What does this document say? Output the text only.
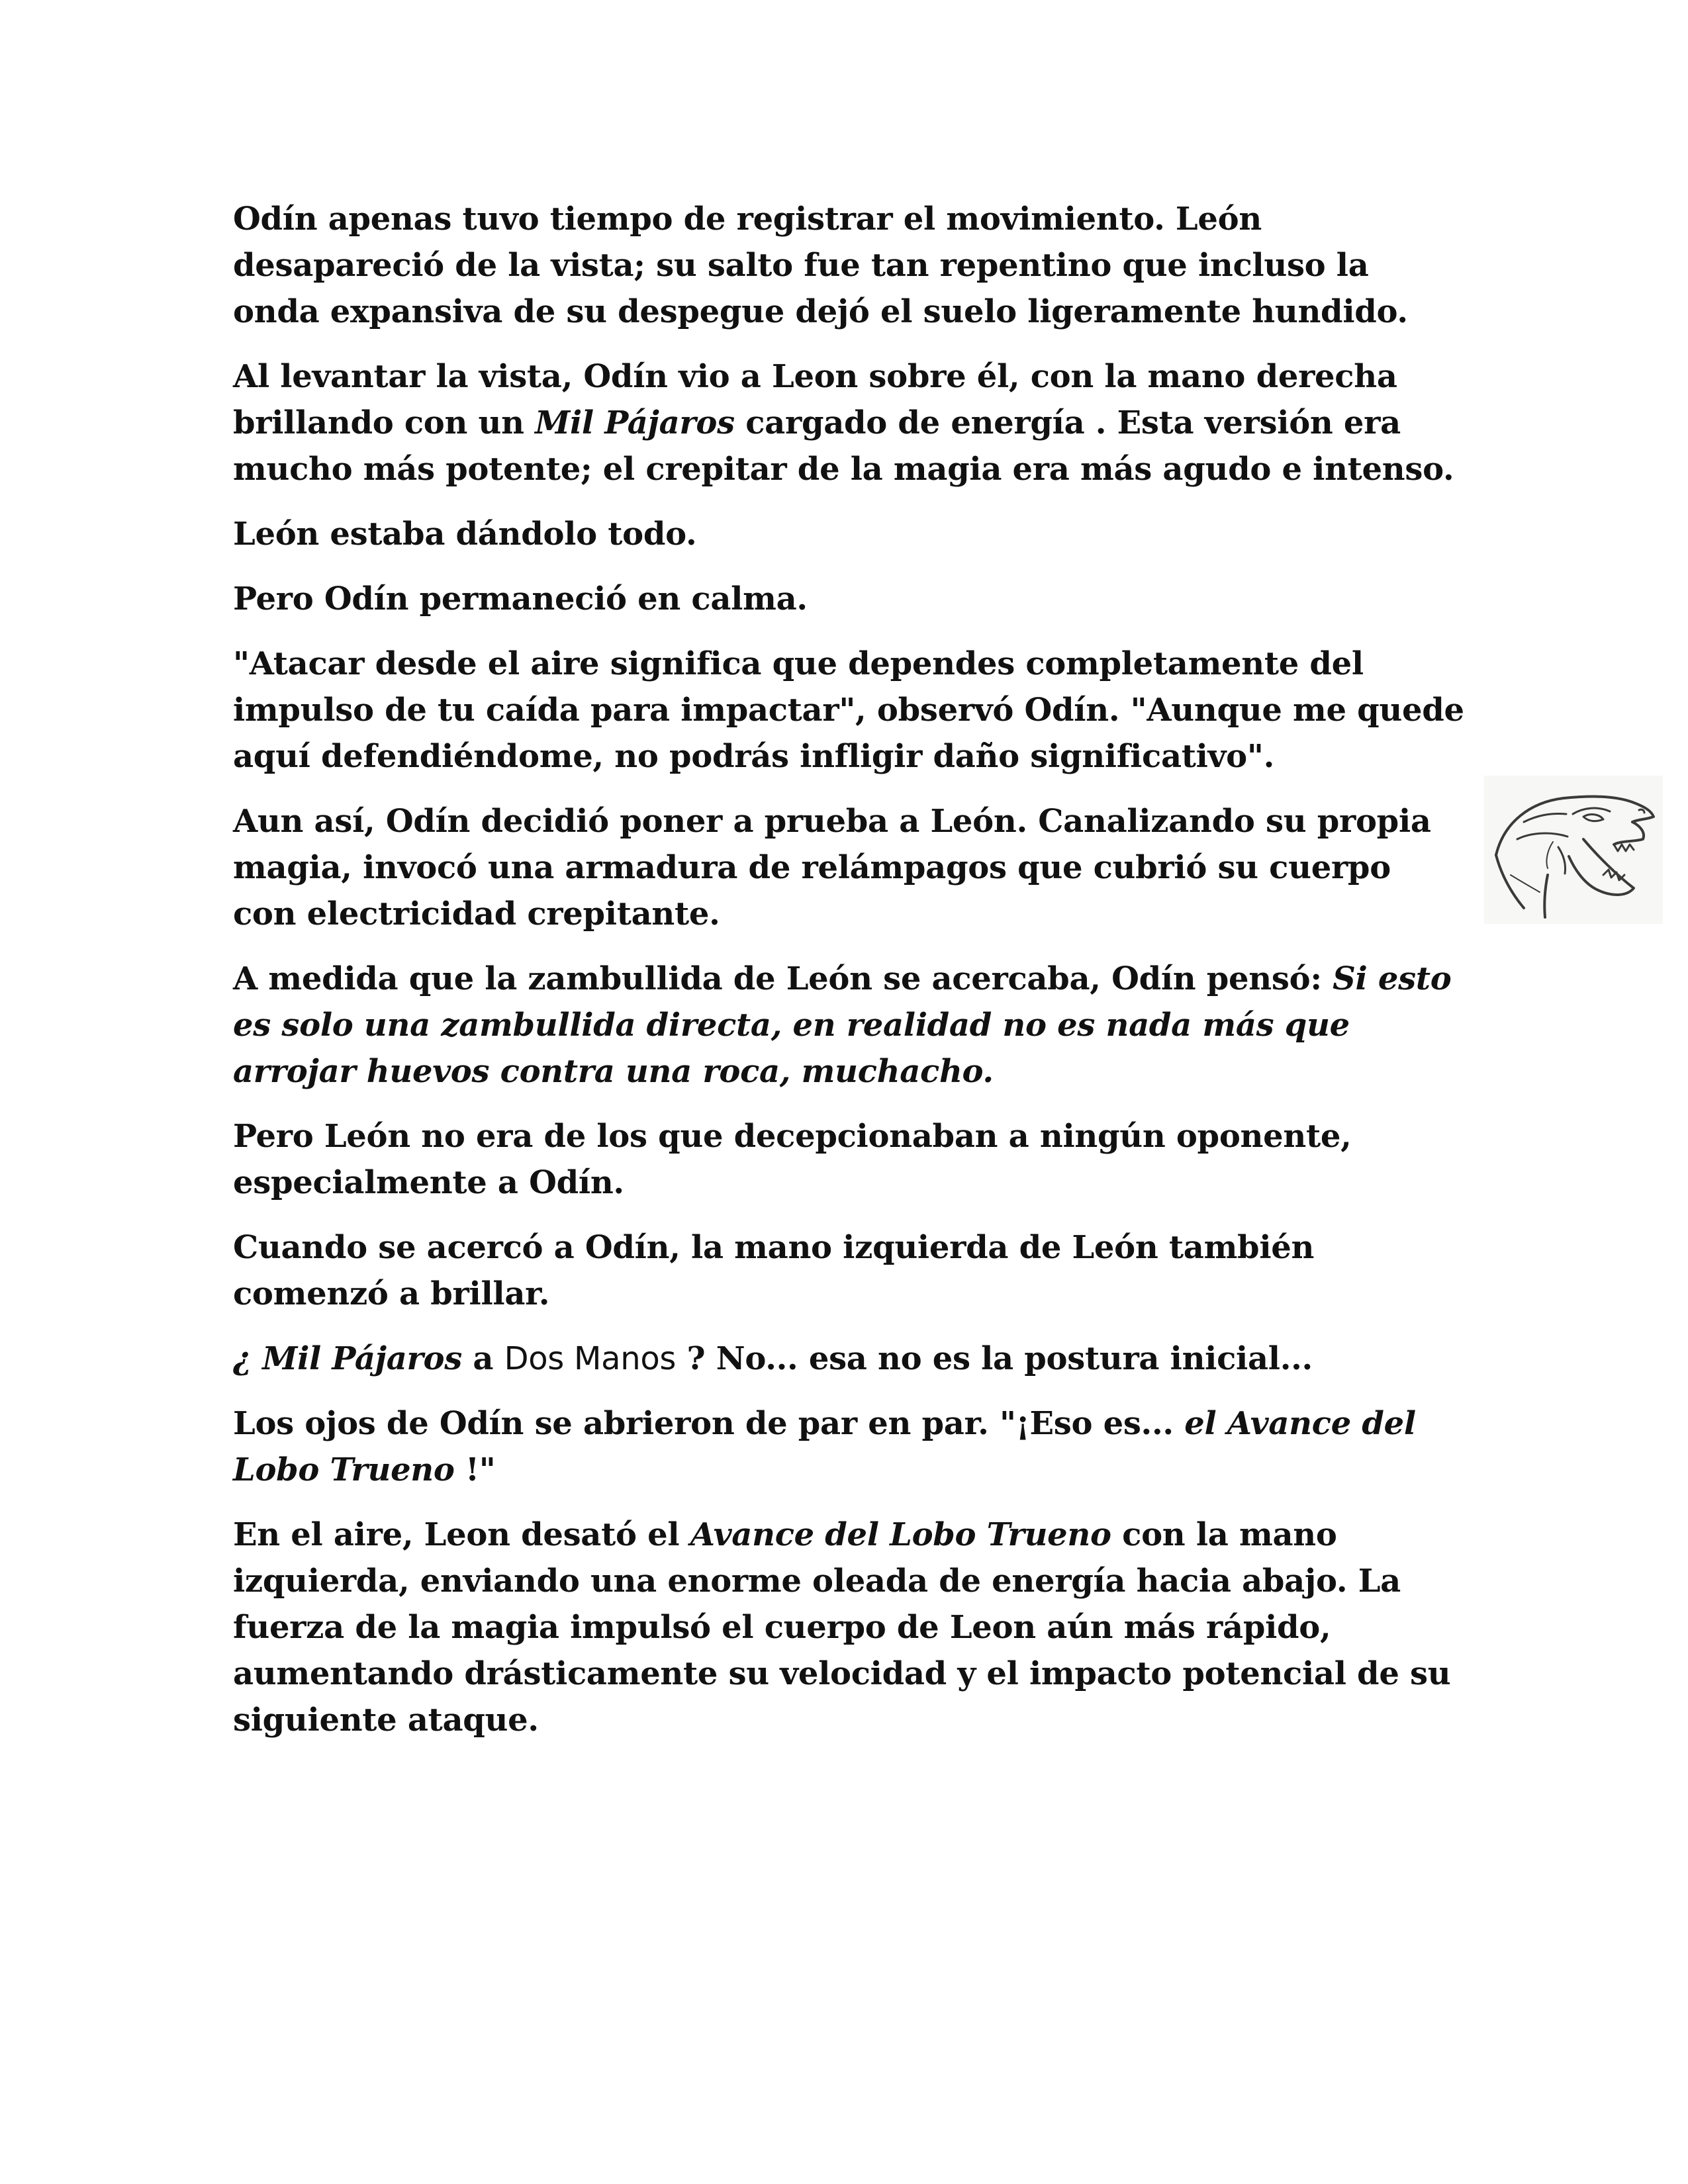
Odín apenas tuvo tiempo de registrar el movimiento. León desapareció de la vista; su salto fue tan repentino que incluso la onda expansiva de su despegue dejó el suelo ligeramente hundido.

Al levantar la vista, Odín vio a Leon sobre él, con la mano derecha brillando con un Mil Pájaros cargado de energía . Esta versión era mucho más potente; el crepitar de la magia era más agudo e intenso.

León estaba dándolo todo.

Pero Odín permaneció en calma.

"Atacar desde el aire significa que dependes completamente del impulso de tu caída para impactar", observó Odín. "Aunque me quede aquí defendiéndome, no podrás infligir daño significativo".

Aun así, Odín decidió poner a prueba a León. Canalizando su propia magia, invocó una armadura de relámpagos que cubrió su cuerpo con electricidad crepitante.

A medida que la zambullida de León se acercaba, Odín pensó: Si esto es solo una zambullida directa, en realidad no es nada más que arrojar huevos contra una roca, muchacho.

Pero León no era de los que decepcionaban a ningún oponente, especialmente a Odín.

Cuando se acercó a Odín, la mano izquierda de León también comenzó a brillar.

¿ Mil Pájaros a Dos Manos ? No... esa no es la postura inicial...

Los ojos de Odín se abrieron de par en par. "¡Eso es... el Avance del Lobo Trueno !"

En el aire, Leon desató el Avance del Lobo Trueno con la mano izquierda, enviando una enorme oleada de energía hacia abajo. La fuerza de la magia impulsó el cuerpo de Leon aún más rápido, aumentando drásticamente su velocidad y el impacto potencial de su siguiente ataque.
